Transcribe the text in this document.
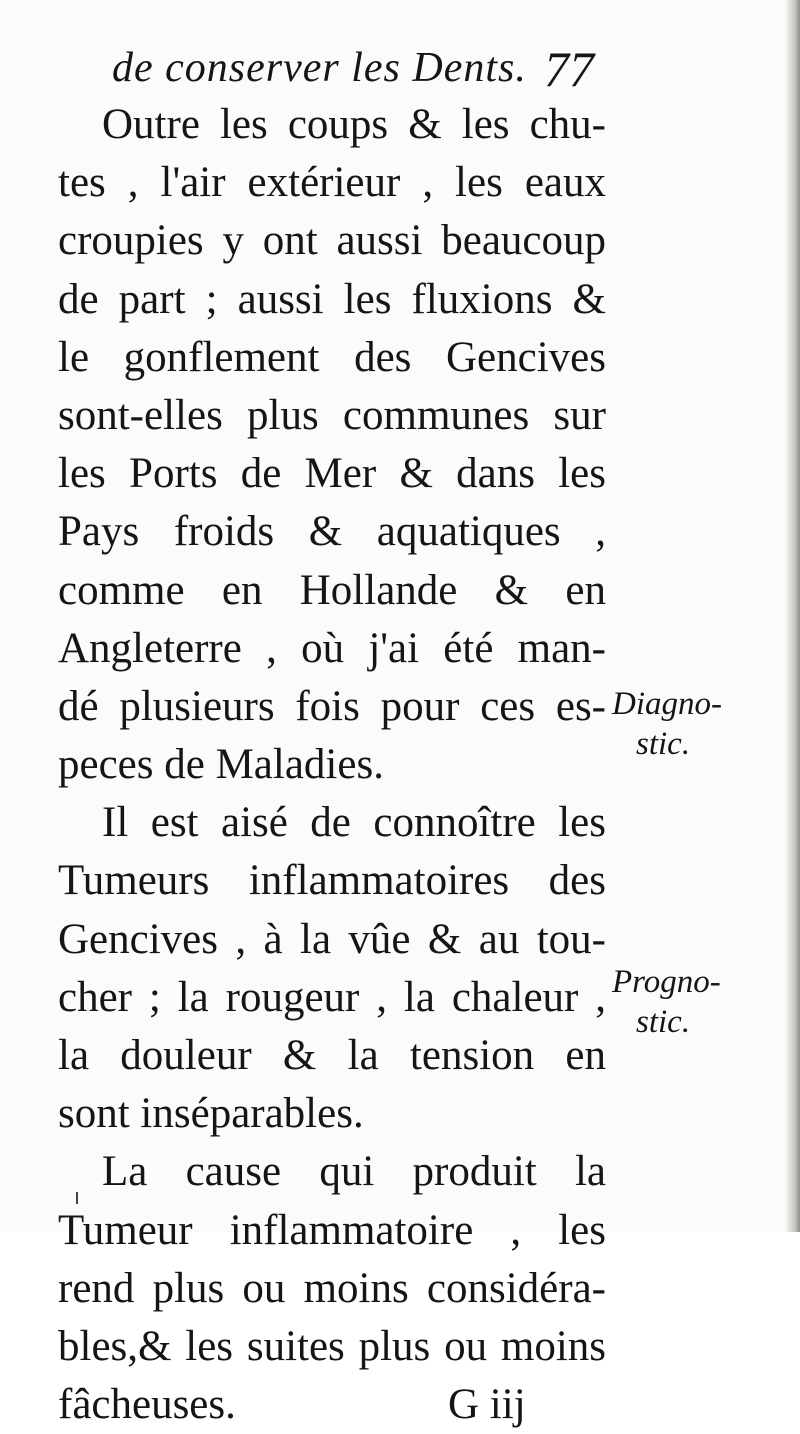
de conserver les Dents. 77
Outre les coups & les chu-
tes , l'air extérieur , les eaux
croupies y ont aussi beaucoup
de part ; aussi les fluxions &
le gonflement des Gencives
sont-elles plus communes sur
les Ports de Mer & dans les
Pays froids & aquatiques ,
comme en Hollande & en
Angleterre , où j'ai été man-
dé plusieurs fois pour ces es-
peces de Maladies.
Il est aisé de connoître les
Tumeurs inflammatoires des
Gencives , à la vûe & au tou-
cher ; la rougeur , la chaleur ,
la douleur & la tension en
sont inséparables.
La cause qui produit la
Tumeur inflammatoire , les
rend plus ou moins considéra-
bles,& les suites plus ou moins
fâcheuses.	G iij
Diagno-
stic.
Progno-
stic.
